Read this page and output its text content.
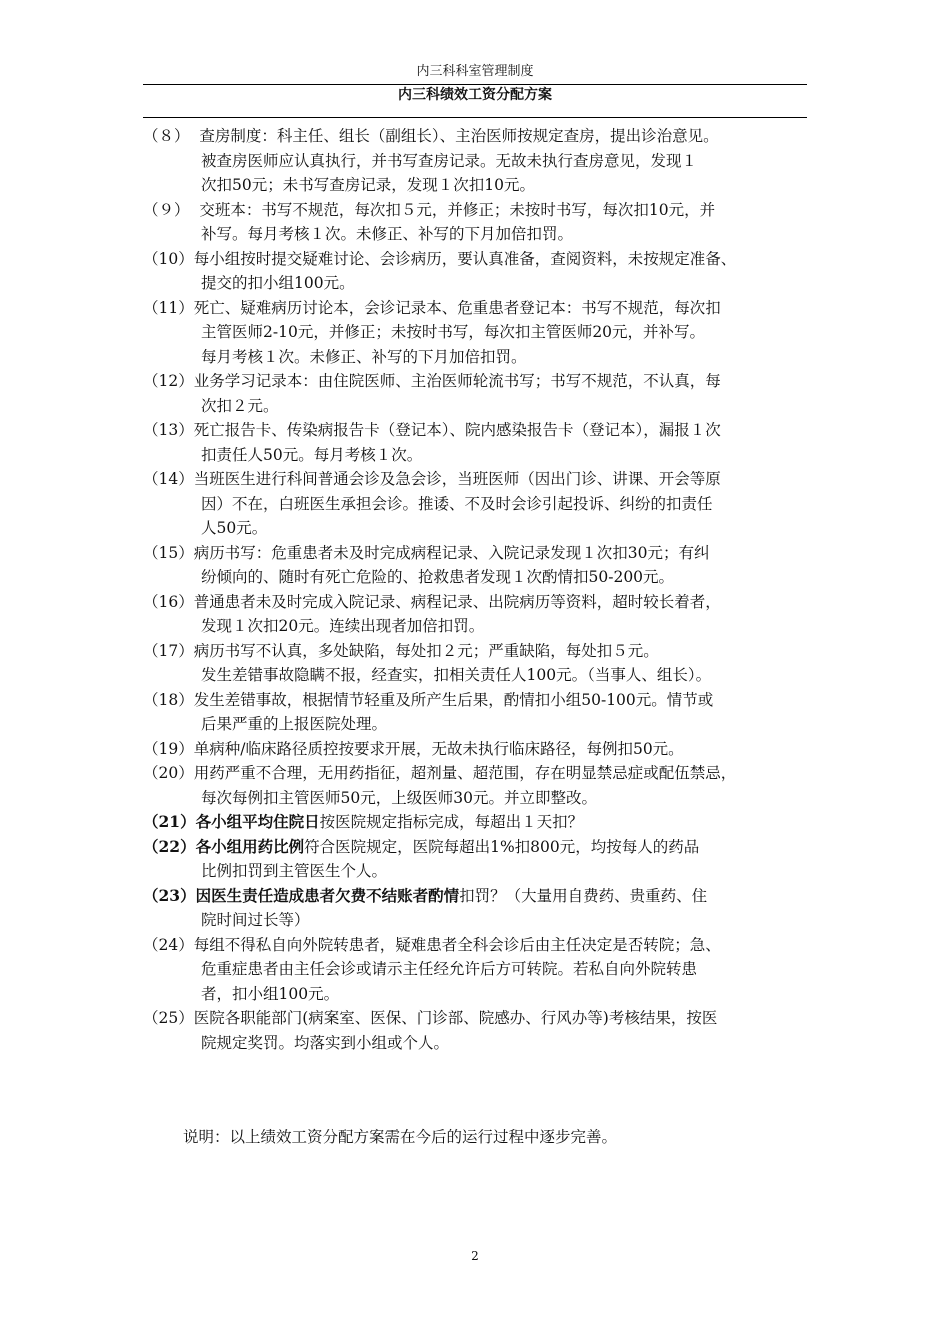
内三科科室管理制度
内三科绩效工资分配方案
（８） 查房制度：科主任、组长（副组长）、主治医师按规定查房，提出诊治意见。
被查房医师应认真执行，并书写查房记录。无故未执行查房意见，发现１
次扣50元；未书写查房记录，发现１次扣10元。
（９） 交班本：书写不规范，每次扣５元，并修正；未按时书写，每次扣10元，并
补写。每月考核１次。未修正、补写的下月加倍扣罚。
（10） 每小组按时提交疑难讨论、会诊病历，要认真准备，查阅资料，未按规定准备、
提交的扣小组100元。
（11） 死亡、疑难病历讨论本，会诊记录本、危重患者登记本：书写不规范，每次扣
主管医师2-10元，并修正；未按时书写，每次扣主管医师20元，并补写。
每月考核１次。未修正、补写的下月加倍扣罚。
（12） 业务学习记录本：由住院医师、主治医师轮流书写；书写不规范，不认真，每
次扣２元。
（13） 死亡报告卡、传染病报告卡（登记本）、院内感染报告卡（登记本），漏报１次
扣责任人50元。每月考核１次。
（14） 当班医生进行科间普通会诊及急会诊，当班医师（因出门诊、讲课、开会等原
因）不在，白班医生承担会诊。推诿、不及时会诊引起投诉、纠纷的扣责任
人50元。
（15） 病历书写：危重患者未及时完成病程记录、入院记录发现１次扣30元；有纠
纷倾向的、随时有死亡危险的、抢救患者发现１次酌情扣50-200元。
（16） 普通患者未及时完成入院记录、病程记录、出院病历等资料，超时较长着者，
发现１次扣20元。连续出现者加倍扣罚。
（17） 病历书写不认真，多处缺陷，每处扣２元；严重缺陷，每处扣５元。
发生差错事故隐瞒不报，经查实，扣相关责任人100元。（当事人、组长）。
（18） 发生差错事故，根据情节轻重及所产生后果，酌情扣小组50-100元。情节或
后果严重的上报医院处理。
（19） 单病种/临床路径质控按要求开展，无故未执行临床路径，每例扣50元。
（20） 用药严重不合理，无用药指征，超剂量、超范围，存在明显禁忌症或配伍禁忌，
每次每例扣主管医师50元，上级医师30元。并立即整改。
（21） 各小组平均住院日按医院规定指标完成，每超出１天扣？
（22） 各小组用药比例符合医院规定，医院每超出1%扣800元，均按每人的药品
比例扣罚到主管医生个人。
（23） 因医生责任造成患者欠费不结账者酌情扣罚？（大量用自费药、贵重药、住
院时间过长等）
（24） 每组不得私自向外院转患者，疑难患者全科会诊后由主任决定是否转院；急、
危重症患者由主任会诊或请示主任经允许后方可转院。若私自向外院转患
者，扣小组100元。
（25） 医院各职能部门(病案室、医保、门诊部、院感办、行风办等)考核结果，按医
院规定奖罚。均落实到小组或个人。
说明：以上绩效工资分配方案需在今后的运行过程中逐步完善。
2
